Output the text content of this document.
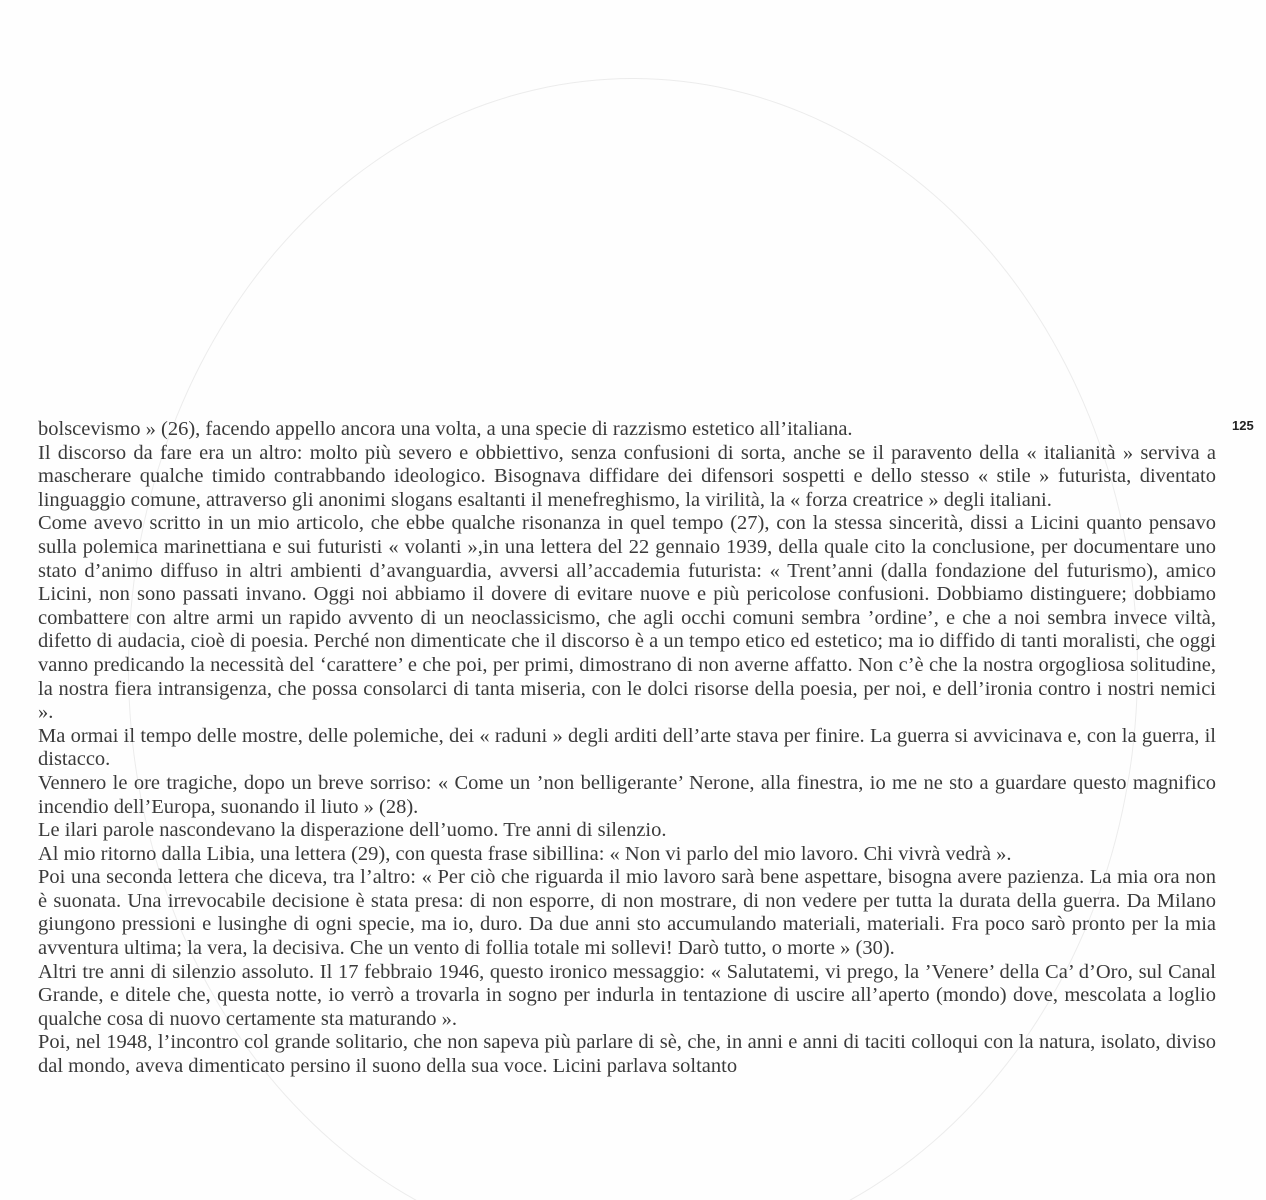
125

bolscevismo » (26), facendo appello ancora una volta, a una specie di razzismo estetico all’italiana.

Il discorso da fare era un altro: molto più severo e obbiettivo, senza confusioni di sorta, anche se il paravento della « italianità » serviva a mascherare qualche timido contrabbando ideologico. Bisognava diffidare dei difensori sospetti e dello stesso « stile » futurista, diventato linguaggio comune, attraverso gli anonimi slogans esaltanti il menefreghismo, la virilità, la « forza creatrice » degli italiani.

Come avevo scritto in un mio articolo, che ebbe qualche risonanza in quel tempo (27), con la stessa sincerità, dissi a Licini quanto pensavo sulla polemica marinettiana e sui futuristi « volanti »,in una lettera del 22 gennaio 1939, della quale cito la conclusione, per documentare uno stato d’animo diffuso in altri ambienti d’avanguardia, avversi all’accademia futurista: « Trent’anni (dalla fondazione del futurismo), amico Licini, non sono passati invano. Oggi noi abbiamo il dovere di evitare nuove e più pericolose confusioni. Dobbiamo distinguere; dobbiamo combattere con altre armi un rapido avvento di un neoclassicismo, che agli occhi comuni sembra ’ordine’, e che a noi sembra invece viltà, difetto di audacia, cioè di poesia. Perché non dimenticate che il discorso è a un tempo etico ed estetico; ma io diffido di tanti moralisti, che oggi vanno predicando la necessità del ‘carattere’ e che poi, per primi, dimostrano di non averne affatto. Non c’è che la nostra orgogliosa solitudine, la nostra fiera intransigenza, che possa consolarci di tanta miseria, con le dolci risorse della poesia, per noi, e dell’ironia contro i nostri nemici ».

Ma ormai il tempo delle mostre, delle polemiche, dei « raduni » degli arditi dell’arte stava per finire. La guerra si avvicinava e, con la guerra, il distacco.

Vennero le ore tragiche, dopo un breve sorriso: « Come un ’non belligerante’ Nerone, alla finestra, io me ne sto a guardare questo magnifico incendio dell’Europa, suonando il liuto » (28).

Le ilari parole nascondevano la disperazione dell’uomo. Tre anni di silenzio.

Al mio ritorno dalla Libia, una lettera (29), con questa frase sibillina: « Non vi parlo del mio lavoro. Chi vivrà vedrà ».

Poi una seconda lettera che diceva, tra l’altro: « Per ciò che riguarda il mio lavoro sarà bene aspettare, bisogna avere pazienza. La mia ora non è suonata. Una irrevocabile decisione è stata presa: di non esporre, di non mostrare, di non vedere per tutta la durata della guerra. Da Milano giungono pressioni e lusinghe di ogni specie, ma io, duro. Da due anni sto accumulando materiali, materiali. Fra poco sarò pronto per la mia avventura ultima; la vera, la decisiva. Che un vento di follia totale mi sollevi! Darò tutto, o morte » (30).

Altri tre anni di silenzio assoluto. Il 17 febbraio 1946, questo ironico messaggio: « Salutatemi, vi prego, la ’Venere’ della Ca’ d’Oro, sul Canal Grande, e ditele che, questa notte, io verrò a trovarla in sogno per indurla in tentazione di uscire all’aperto (mondo) dove, mescolata a loglio qualche cosa di nuovo certamente sta maturando ».

Poi, nel 1948, l’incontro col grande solitario, che non sapeva più parlare di sè, che, in anni e anni di taciti colloqui con la natura, isolato, diviso dal mondo, aveva dimenticato persino il suono della sua voce. Licini parlava soltanto
